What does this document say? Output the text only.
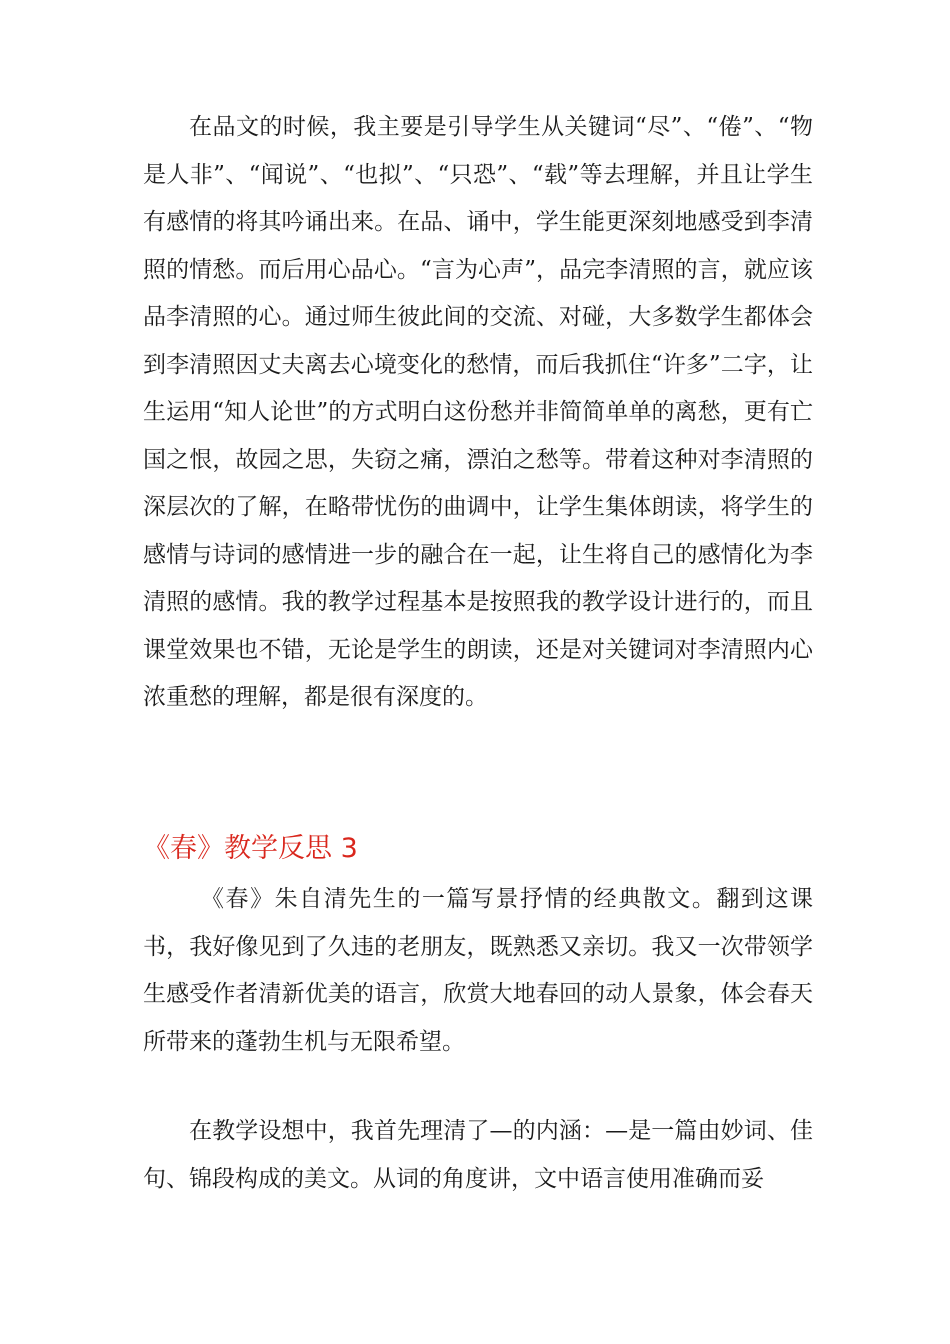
在品文的时候，我主要是引导学生从关键词“尽”、“倦”、“物是人非”、“闻说”、“也拟”、“只恐”、“载”等去理解，并且让学生有感情的将其吟诵出来。在品、诵中，学生能更深刻地感受到李清照的情愁。而后用心品心。“言为心声”，品完李清照的言，就应该品李清照的心。通过师生彼此间的交流、对碰，大多数学生都体会到李清照因丈夫离去心境变化的愁情，而后我抓住“许多”二字，让生运用“知人论世”的方式明白这份愁并非简简单单的离愁，更有亡国之恨，故园之思，失窃之痛，漂泊之愁等。带着这种对李清照的深层次的了解，在略带忧伤的曲调中，让学生集体朗读，将学生的感情与诗词的感情进一步的融合在一起，让生将自己的感情化为李清照的感情。我的教学过程基本是按照我的教学设计进行的，而且课堂效果也不错，无论是学生的朗读，还是对关键词对李清照内心浓重愁的理解，都是很有深度的。

《春》教学反思 3

《春》朱自清先生的一篇写景抒情的经典散文。翻到这课书，我好像见到了久违的老朋友，既熟悉又亲切。我又一次带领学生感受作者清新优美的语言，欣赏大地春回的动人景象，体会春天所带来的蓬勃生机与无限希望。

在教学设想中，我首先理清了—的内涵：—是一篇由妙词、佳句、锦段构成的美文。从词的角度讲，文中语言使用准确而妥
